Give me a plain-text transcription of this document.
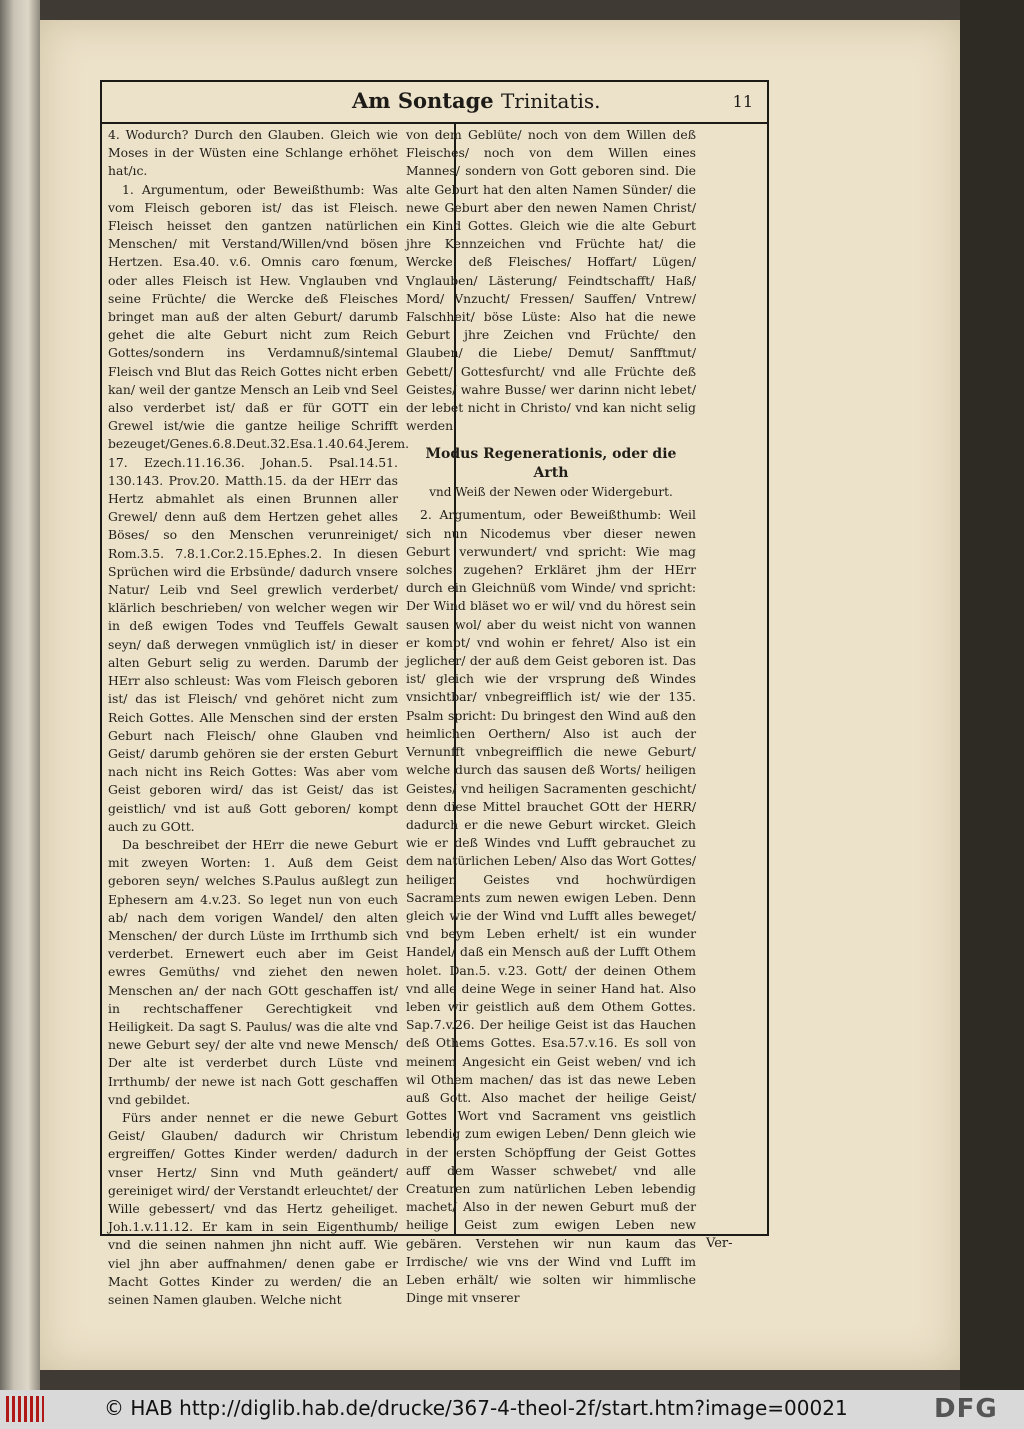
Am Sontage Trinitatis.	11

4. Wodurch? Durch den Glauben. Gleich wie Moses in der Wüsten eine Schlange erhöhet hat/ıc.

1. Argumentum, oder Beweißthumb: Was vom Fleisch geboren ist/ das ist Fleisch. Fleisch heisset den gantzen natürlichen Menschen/ mit Verstand/Willen/vnd bösen Hertzen. Esa.40. v.6. Omnis caro fœnum, oder alles Fleisch ist Hew. Vnglauben vnd seine Früchte/ die Wercke deß Fleisches bringet man auß der alten Geburt/ darumb gehet die alte Geburt nicht zum Reich Gottes/sondern ins Verdamnuß/sintemal Fleisch vnd Blut das Reich Gottes nicht erben kan/ weil der gantze Mensch an Leib vnd Seel also verderbet ist/ daß er für GOTT ein Grewel ist/wie die gantze heilige Schrifft bezeuget/Genes.6.8.Deut.32.Esa.1.40.64.Jerem. 17. Ezech.11.16.36. Johan.5. Psal.14.51. 130.143. Prov.20. Matth.15. da der HErr das Hertz abmahlet als einen Brunnen aller Grewel/ denn auß dem Hertzen gehet alles Böses/ so den Menschen verunreiniget/ Rom.3.5. 7.8.1.Cor.2.15.Ephes.2. In diesen Sprüchen wird die Erbsünde/ dadurch vnsere Natur/ Leib vnd Seel grewlich verderbet/ klärlich beschrieben/ von welcher wegen wir in deß ewigen Todes vnd Teuffels Gewalt seyn/ daß derwegen vnmüglich ist/ in dieser alten Geburt selig zu werden. Darumb der HErr also schleust: Was vom Fleisch geboren ist/ das ist Fleisch/ vnd gehöret nicht zum Reich Gottes. Alle Menschen sind der ersten Geburt nach Fleisch/ ohne Glauben vnd Geist/ darumb gehören sie der ersten Geburt nach nicht ins Reich Gottes: Was aber vom Geist geboren wird/ das ist Geist/ das ist geistlich/ vnd ist auß Gott geboren/ kompt auch zu GOtt.

Da beschreibet der HErr die newe Geburt mit zweyen Worten: 1. Auß dem Geist geboren seyn/ welches S.Paulus außlegt zun Ephesern am 4.v.23. So leget nun von euch ab/ nach dem vorigen Wandel/ den alten Menschen/ der durch Lüste im Irrthumb sich verderbet. Ernewert euch aber im Geist ewres Gemüths/ vnd ziehet den newen Menschen an/ der nach GOtt geschaffen ist/ in rechtschaffener Gerechtigkeit vnd Heiligkeit. Da sagt S. Paulus/ was die alte vnd newe Geburt sey/ der alte vnd newe Mensch/ Der alte ist verderbet durch Lüste vnd Irrthumb/ der newe ist nach Gott geschaffen vnd gebildet.

Fürs ander nennet er die newe Geburt Geist/ Glauben/ dadurch wir Christum ergreiffen/ Gottes Kinder werden/ dadurch vnser Hertz/ Sinn vnd Muth geändert/ gereiniget wird/ der Verstandt erleuchtet/ der Wille gebessert/ vnd das Hertz geheiliget. Joh.1.v.11.12. Er kam in sein Eigenthumb/ vnd die seinen nahmen jhn nicht auff. Wie viel jhn aber auffnahmen/ denen gabe er Macht Gottes Kinder zu werden/ die an seinen Namen glauben. Welche nicht

von dem Geblüte/ noch von dem Willen deß Fleisches/ noch von dem Willen eines Mannes/ sondern von Gott geboren sind. Die alte Geburt hat den alten Namen Sünder/ die newe Geburt aber den newen Namen Christ/ ein Kind Gottes. Gleich wie die alte Geburt jhre Kennzeichen vnd Früchte hat/ die Wercke deß Fleisches/ Hoffart/ Lügen/ Vnglauben/ Lästerung/ Feindtschafft/ Haß/ Mord/ Vnzucht/ Fressen/ Sauffen/ Vntrew/ Falschheit/ böse Lüste: Also hat die newe Geburt jhre Zeichen vnd Früchte/ den Glauben/ die Liebe/ Demut/ Sanfftmut/ Gebett/ Gottesfurcht/ vnd alle Früchte deß Geistes/ wahre Busse/ wer darinn nicht lebet/ der lebet nicht in Christo/ vnd kan nicht selig werden.

Modus Regenerationis, oder die Arth
vnd Weiß der Newen oder Widergeburt.

2. Argumentum, oder Beweißthumb: Weil sich nun Nicodemus vber dieser newen Geburt verwundert/ vnd spricht: Wie mag solches zugehen? Erkläret jhm der HErr durch ein Gleichnüß vom Winde/ vnd spricht: Der Wind bläset wo er wil/ vnd du hörest sein sausen wol/ aber du weist nicht von wannen er kompt/ vnd wohin er fehret/ Also ist ein jeglicher/ der auß dem Geist geboren ist. Das ist/ gleich wie der vrsprung deß Windes vnsichtbar/ vnbegreifflich ist/ wie der 135. Psalm spricht: Du bringest den Wind auß den heimlichen Oerthern/ Also ist auch der Vernunfft vnbegreifflich die newe Geburt/ welche durch das sausen deß Worts/ heiligen Geistes/ vnd heiligen Sacramenten geschicht/ denn diese Mittel brauchet GOtt der HERR/ dadurch er die newe Geburt wircket. Gleich wie er deß Windes vnd Lufft gebrauchet zu dem natürlichen Leben/ Also das Wort Gottes/ heiligen Geistes vnd hochwürdigen Sacraments zum newen ewigen Leben. Denn gleich wie der Wind vnd Lufft alles beweget/ vnd beym Leben erhelt/ ist ein wunder Handel/ daß ein Mensch auß der Lufft Othem holet. Dan.5. v.23. Gott/ der deinen Othem vnd alle deine Wege in seiner Hand hat. Also leben wir geistlich auß dem Othem Gottes. Sap.7.v.26. Der heilige Geist ist das Hauchen deß Othems Gottes. Esa.57.v.16. Es soll von meinem Angesicht ein Geist weben/ vnd ich wil Othem machen/ das ist das newe Leben auß Gott. Also machet der heilige Geist/ Gottes Wort vnd Sacrament vns geistlich lebendig zum ewigen Leben/ Denn gleich wie in der ersten Schöpffung der Geist Gottes auff dem Wasser schwebet/ vnd alle Creaturen zum natürlichen Leben lebendig machet/ Also in der newen Geburt muß der heilige Geist zum ewigen Leben new gebären. Verstehen wir nun kaum das Irrdische/ wie vns der Wind vnd Lufft im Leben erhält/ wie solten wir himmlische Dinge mit vnserer

Ver-
© HAB http://diglib.hab.de/drucke/367-4-theol-2f/start.htm?image=00021	DFG
